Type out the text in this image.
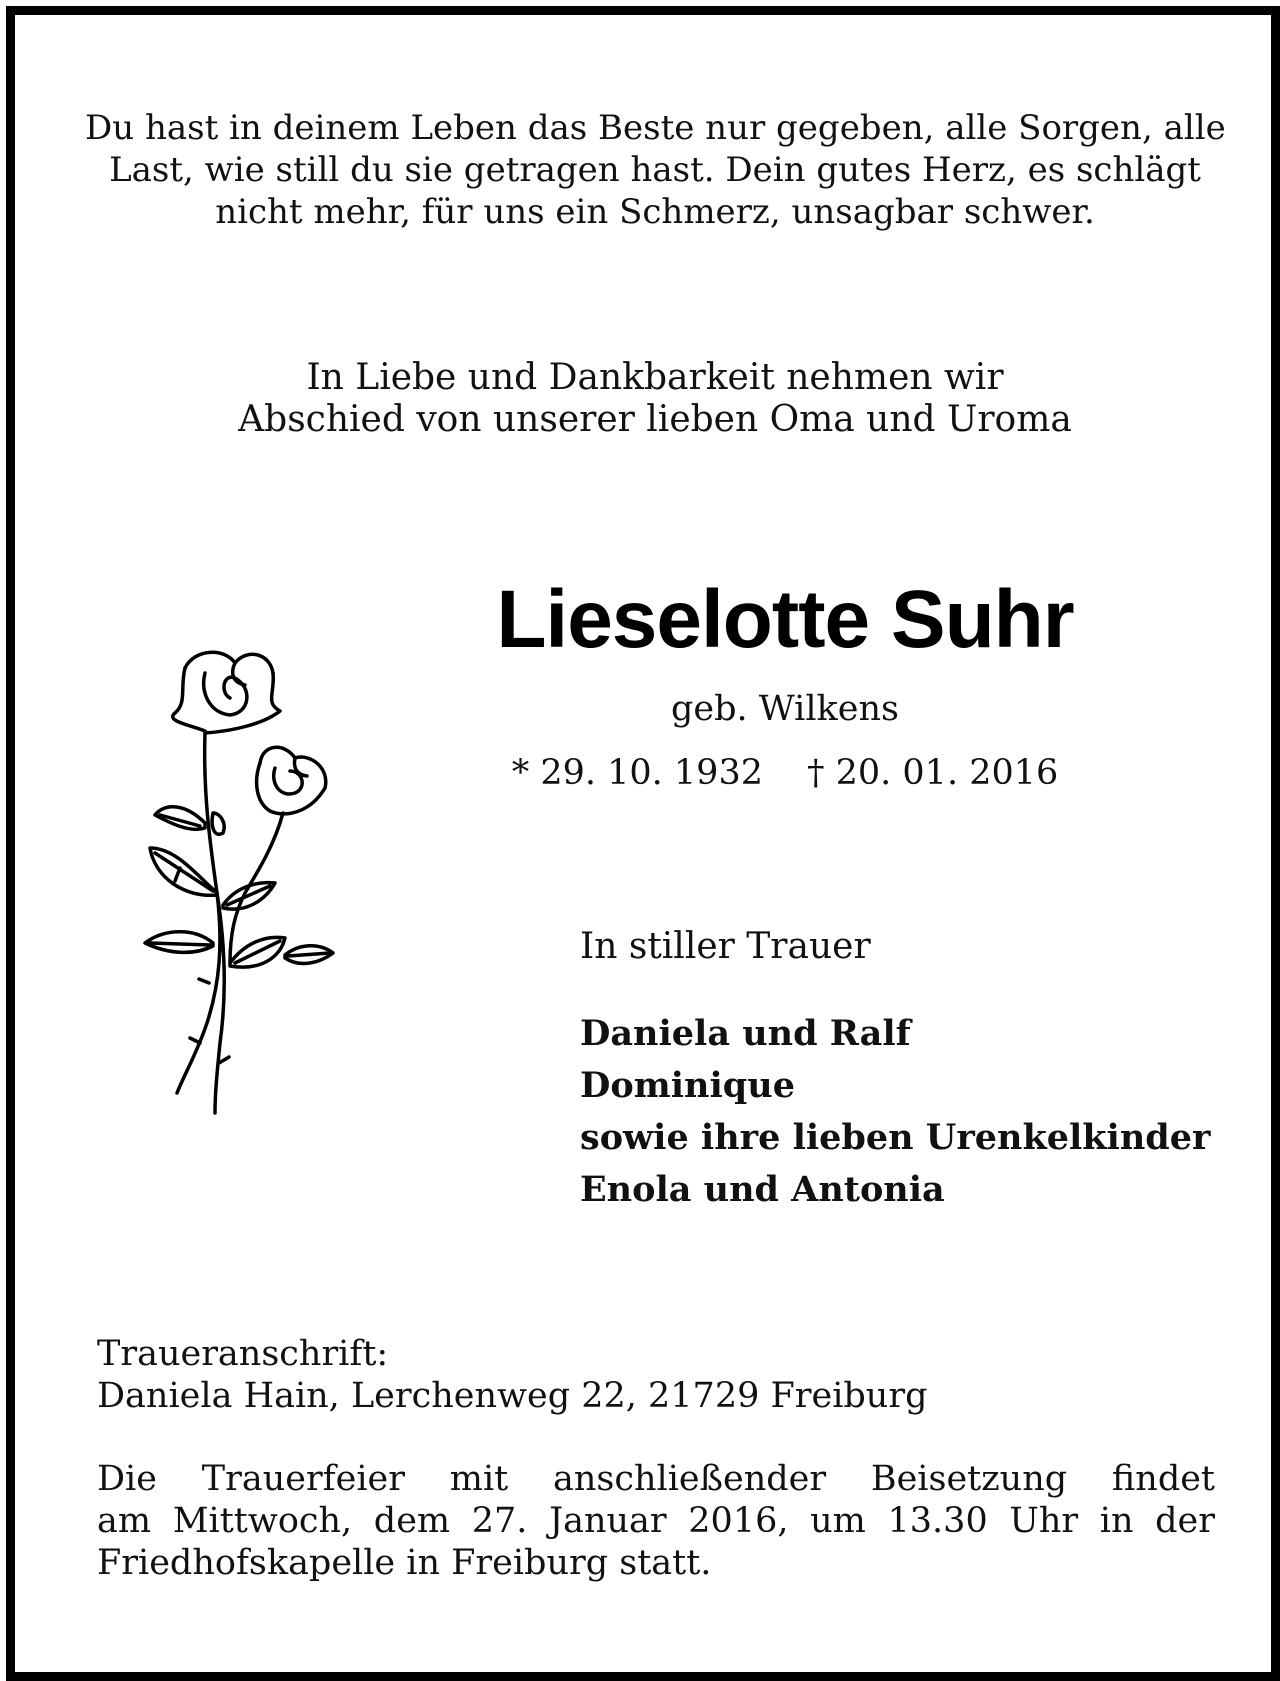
Du hast in deinem Leben das Beste nur gegeben, alle Sorgen, alle
Last, wie still du sie getragen hast. Dein gutes Herz, es schlägt
nicht mehr, für uns ein Schmerz, unsagbar schwer.
In Liebe und Dankbarkeit nehmen wir
Abschied von unserer lieben Oma und Uroma
Lieselotte Suhr
geb. Wilkens
* 29. 10. 1932 † 20. 01. 2016
In stiller Trauer
Daniela und Ralf
Dominique
sowie ihre lieben Urenkelkinder
Enola und Antonia
Traueranschrift:
Daniela Hain, Lerchenweg 22, 21729 Freiburg
Die Trauerfeier mit anschließender Beisetzung findet
am Mittwoch, dem 27. Januar 2016, um 13.30 Uhr in der
Friedhofskapelle in Freiburg statt.
